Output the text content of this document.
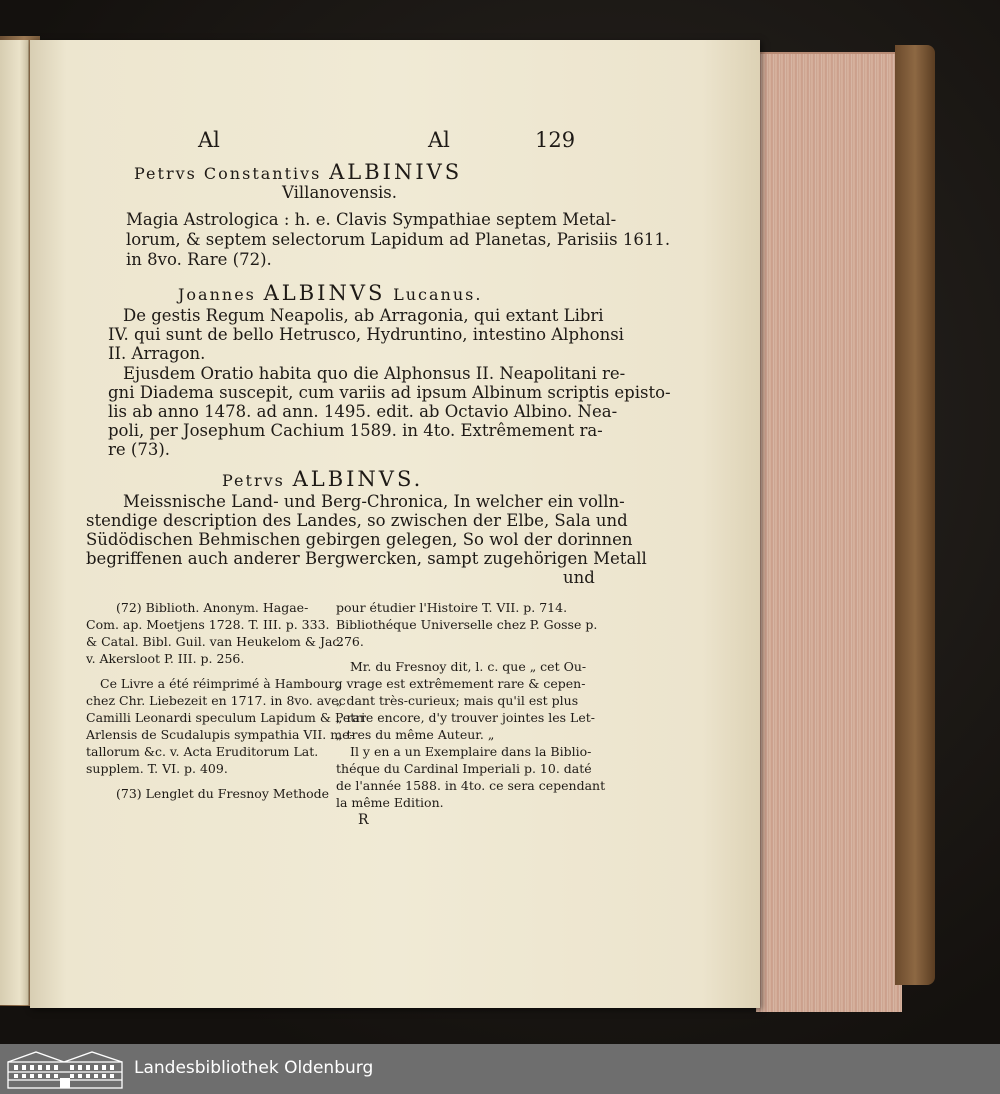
Al	Al	129
Petrvs Constantivs ALBINIVS
Villanovensis.
Magia Astrologica : h. e. Clavis Sympathiae septem Metal-
lorum, & septem selectorum Lapidum ad Planetas, Parisiis 1611.
in 8vo. Rare (72).
Joannes ALBINVS Lucanus.
De gestis Regum Neapolis, ab Arragonia, qui extant Libri
IV. qui sunt de bello Hetrusco, Hydruntino, intestino Alphonsi
II. Arragon.
Ejusdem Oratio habita quo die Alphonsus II. Neapolitani re-
gni Diadema suscepit, cum variis ad ipsum Albinum scriptis episto-
lis ab anno 1478. ad ann. 1495. edit. ab Octavio Albino. Nea-
poli, per Josephum Cachium 1589. in 4to. Extrêmement ra-
re (73).
Petrvs ALBINVS.
Meissnische Land- und Berg-Chronica, In welcher ein volln-
stendige description des Landes, so zwischen der Elbe, Sala und
Südödischen Behmischen gebirgen gelegen, So wol der dorinnen
begriffenen auch anderer Bergwercken, sampt zugehörigen Metall
und
(72) Biblioth. Anonym. Hagae-
Com. ap. Moetjens 1728. T. III. p. 333.
& Catal. Bibl. Guil. van Heukelom & Jac.
v. Akersloot P. III. p. 256.
Ce Livre a été réimprimé à Hambourg
chez Chr. Liebezeit en 1717. in 8vo. avec
Camilli Leonardi speculum Lapidum & Petri
Arlensis de Scudalupis sympathia VII. me-
tallorum &c. v. Acta Eruditorum Lat.
supplem. T. VI. p. 409.
(73) Lenglet du Fresnoy Methode
pour étudier l'Histoire T. VII. p. 714.
Bibliothéque Universelle chez P. Gosse p.
276.
Mr. du Fresnoy dit, l. c. que „ cet Ou-
„ vrage est extrêmement rare & cepen-
„ dant très-curieux; mais qu'il est plus
„ rare encore, d'y trouver jointes les Let-
„ tres du même Auteur. „
Il y en a un Exemplaire dans la Biblio-
théque du Cardinal Imperiali p. 10. daté
de l'année 1588. in 4to. ce sera cependant
la même Edition.
R
Landesbibliothek Oldenburg
